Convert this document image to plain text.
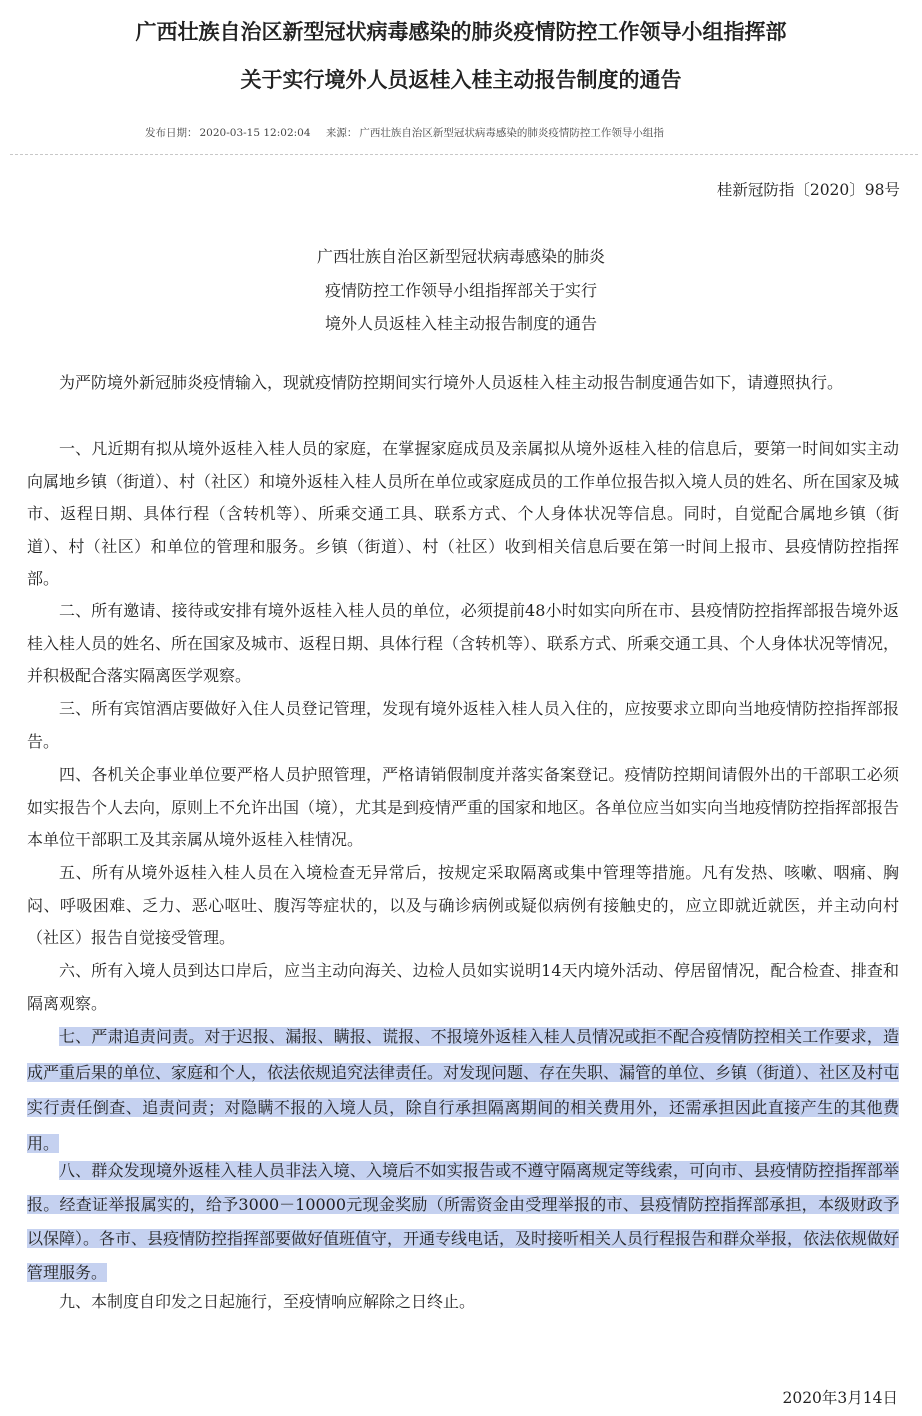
广西壮族自治区新型冠状病毒感染的肺炎疫情防控工作领导小组指挥部
关于实行境外人员返桂入桂主动报告制度的通告
发布日期： 2020-03-15 12:02:04 来源： 广西壮族自治区新型冠状病毒感染的肺炎疫情防控工作领导小组指
桂新冠防指〔2020〕98号
广西壮族自治区新型冠状病毒感染的肺炎
疫情防控工作领导小组指挥部关于实行
境外人员返桂入桂主动报告制度的通告

为严防境外新冠肺炎疫情输入，现就疫情防控期间实行境外人员返桂入桂主动报告制度通告如下，请遵照执行。

一、凡近期有拟从境外返桂入桂人员的家庭，在掌握家庭成员及亲属拟从境外返桂入桂的信息后，要第一时间如实主动向属地乡镇（街道）、村（社区）和境外返桂入桂人员所在单位或家庭成员的工作单位报告拟入境人员的姓名、所在国家及城市、返程日期、具体行程（含转机等）、所乘交通工具、联系方式、个人身体状况等信息。同时，自觉配合属地乡镇（街道）、村（社区）和单位的管理和服务。乡镇（街道）、村（社区）收到相关信息后要在第一时间上报市、县疫情防控指挥部。

二、所有邀请、接待或安排有境外返桂入桂人员的单位，必须提前48小时如实向所在市、县疫情防控指挥部报告境外返桂入桂人员的姓名、所在国家及城市、返程日期、具体行程（含转机等）、联系方式、所乘交通工具、个人身体状况等情况，并积极配合落实隔离医学观察。

三、所有宾馆酒店要做好入住人员登记管理，发现有境外返桂入桂人员入住的，应按要求立即向当地疫情防控指挥部报告。

四、各机关企事业单位要严格人员护照管理，严格请销假制度并落实备案登记。疫情防控期间请假外出的干部职工必须如实报告个人去向，原则上不允许出国（境），尤其是到疫情严重的国家和地区。各单位应当如实向当地疫情防控指挥部报告本单位干部职工及其亲属从境外返桂入桂情况。

五、所有从境外返桂入桂人员在入境检查无异常后，按规定采取隔离或集中管理等措施。凡有发热、咳嗽、咽痛、胸闷、呼吸困难、乏力、恶心呕吐、腹泻等症状的，以及与确诊病例或疑似病例有接触史的，应立即就近就医，并主动向村（社区）报告自觉接受管理。

六、所有入境人员到达口岸后，应当主动向海关、边检人员如实说明14天内境外活动、停居留情况，配合检查、排查和隔离观察。

七、严肃追责问责。对于迟报、漏报、瞒报、谎报、不报境外返桂入桂人员情况或拒不配合疫情防控相关工作要求，造成严重后果的单位、家庭和个人，依法依规追究法律责任。对发现问题、存在失职、漏管的单位、乡镇（街道）、社区及村屯实行责任倒查、追责问责；对隐瞒不报的入境人员，除自行承担隔离期间的相关费用外，还需承担因此直接产生的其他费用。

八、群众发现境外返桂入桂人员非法入境、入境后不如实报告或不遵守隔离规定等线索，可向市、县疫情防控指挥部举报。经查证举报属实的，给予3000－10000元现金奖励（所需资金由受理举报的市、县疫情防控指挥部承担，本级财政予以保障）。各市、县疫情防控指挥部要做好值班值守，开通专线电话，及时接听相关人员行程报告和群众举报，依法依规做好管理服务。

九、本制度自印发之日起施行，至疫情响应解除之日终止。

2020年3月14日
